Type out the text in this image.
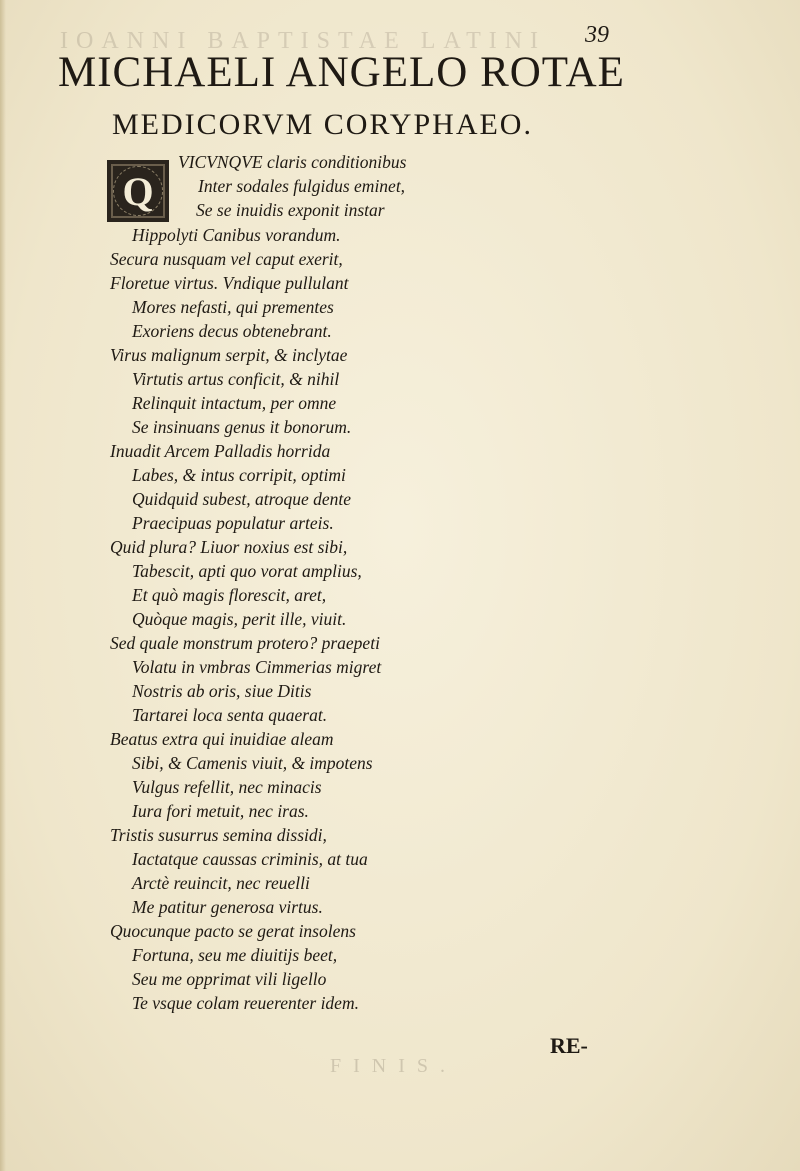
IOANNI BAPTISTAE LATINI 39
MICHAELI ANGELO ROTAE
MEDICORVM CORYPHAEO.
Q
VICVNQVE claris conditionibus
Inter sodales fulgidus eminet,
Se se inuidis exponit instar
Hippolyti Canibus vorandum.
Secura nusquam vel caput exerit,
Floretue virtus. Vndique pullulant
Mores nefasti, qui prementes
Exoriens decus obtenebrant.
Virus malignum serpit, & inclytae
Virtutis artus conficit, & nihil
Relinquit intactum, per omne
Se insinuans genus it bonorum.
Inuadit Arcem Palladis horrida
Labes, & intus corripit, optimi
Quidquid subest, atroque dente
Praecipuas populatur arteis.
Quid plura? Liuor noxius est sibi,
Tabescit, apti quo vorat amplius,
Et quò magis florescit, aret,
Quòque magis, perit ille, viuit.
Sed quale monstrum protero? praepeti
Volatu in vmbras Cimmerias migret
Nostris ab oris, siue Ditis
Tartarei loca senta quaerat.
Beatus extra qui inuidiae aleam
Sibi, & Camenis viuit, & impotens
Vulgus refellit, nec minacis
Iura fori metuit, nec iras.
Tristis susurrus semina dissidi,
Iactatque caussas criminis, at tua
Arctè reuincit, nec reuelli
Me patitur generosa virtus.
Quocunque pacto se gerat insolens
Fortuna, seu me diuitijs beet,
Seu me opprimat vili ligello
Te vsque colam reuerenter idem.
RE-
FINIS.
